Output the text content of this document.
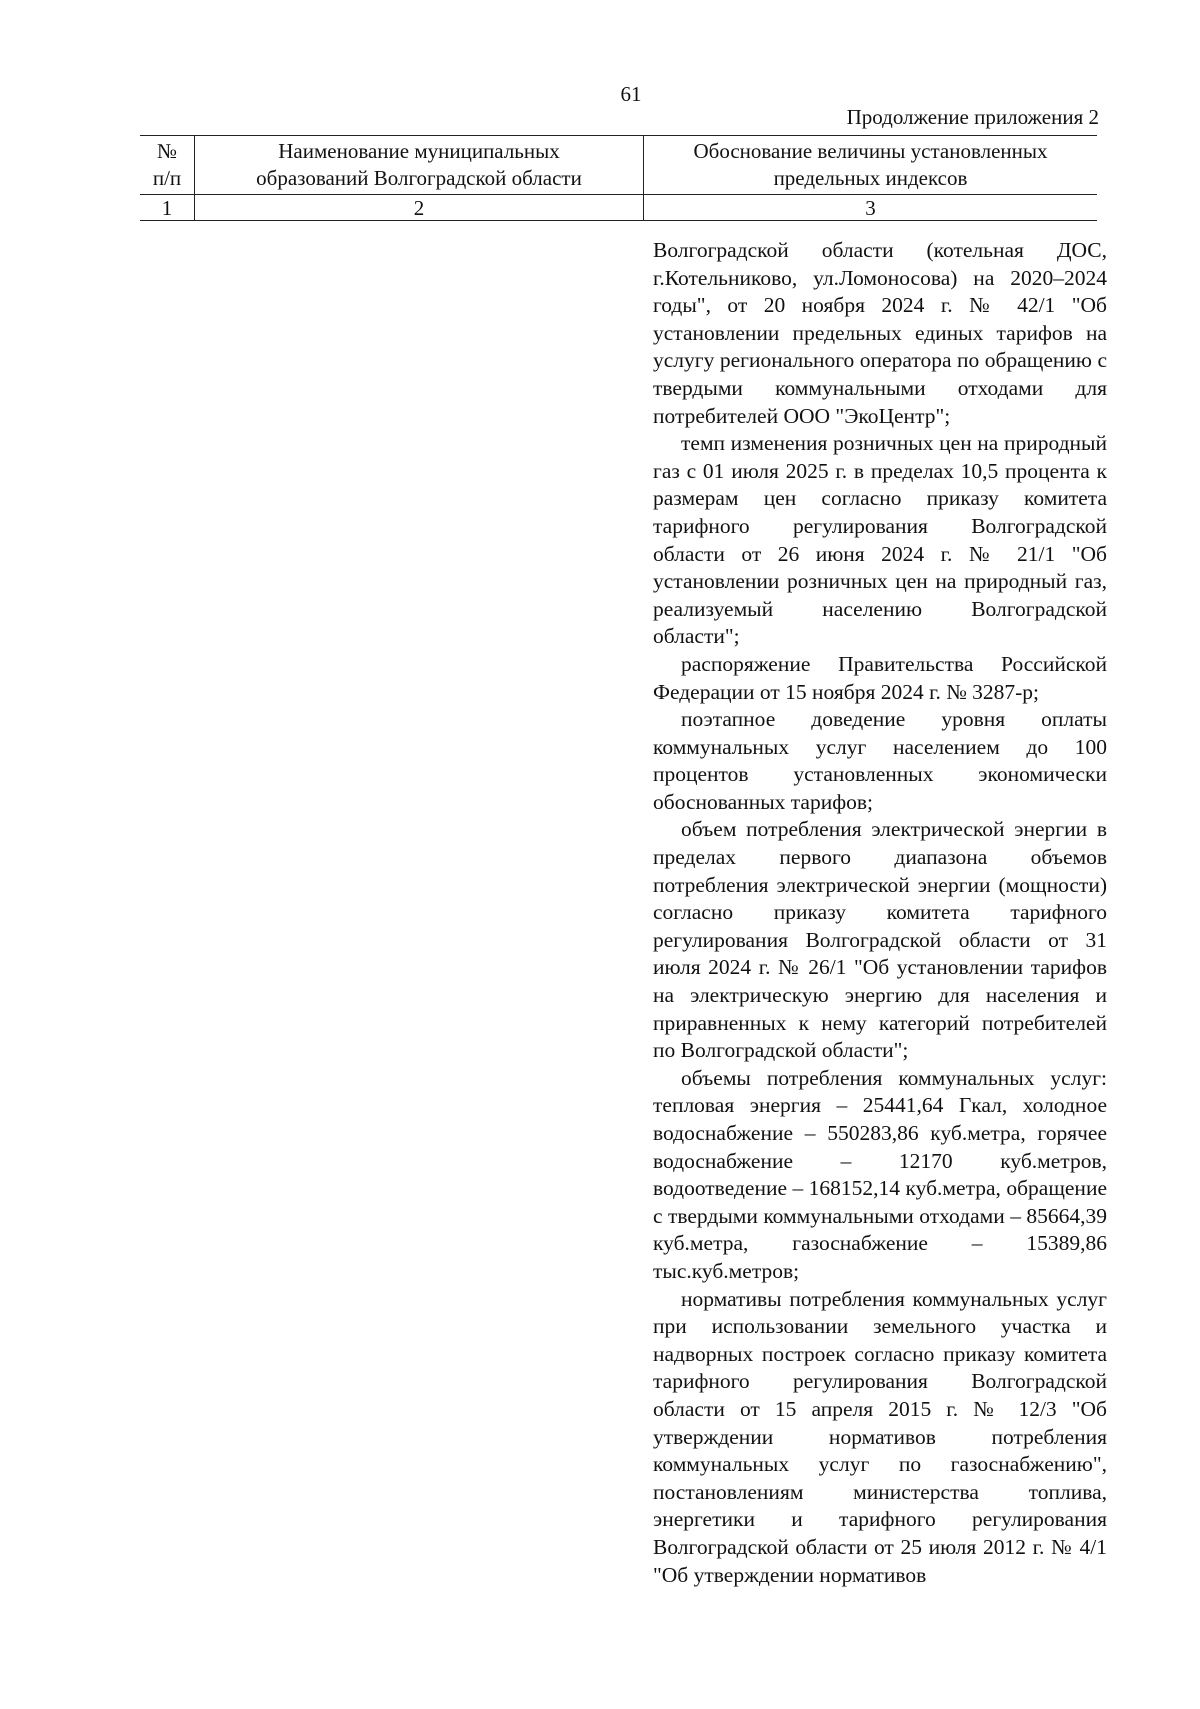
61
Продолжение приложения 2
№
п/п
Наименование муниципальных
образований Волгоградской области
Обоснование величины установленных
предельных индексов
1	2	3

Волгоградской области (котельная ДОС, г.Котельниково, ул.Ломоносова) на 2020–2024 годы", от 20 ноября 2024 г. № 42/1 "Об установлении предельных единых тарифов на услугу регионального оператора по обращению с твердыми коммунальными отходами для потребителей ООО "ЭкоЦентр";

темп изменения розничных цен на природный газ с 01 июля 2025 г. в пределах 10,5 процента к размерам цен согласно приказу комитета тарифного регулирования Волгоградской области от 26 июня 2024 г. № 21/1 "Об установлении розничных цен на природный газ, реализуемый населению Волгоградской области";

распоряжение Правительства Российской Федерации от 15 ноября 2024 г. № 3287-р;

поэтапное доведение уровня оплаты коммунальных услуг населением до 100 процентов установленных экономически обоснованных тарифов;

объем потребления электрической энергии в пределах первого диапазона объемов потребления электрической энергии (мощности) согласно приказу комитета тарифного регулирования Волгоградской области от 31 июля 2024 г. № 26/1 "Об установлении тарифов на электрическую энергию для населения и приравненных к нему категорий потребителей по Волгоградской области";

объемы потребления коммунальных услуг: тепловая энергия – 25441,64 Гкал, холодное водоснабжение – 550283,86 куб.метра, горячее водоснабжение – 12170 куб.метров, водоотведение – 168152,14 куб.метра, обращение с твердыми коммунальными отходами – 85664,39 куб.метра, газоснабжение – 15389,86 тыс.куб.метров;

нормативы потребления коммунальных услуг при использовании земельного участка и надворных построек согласно приказу комитета тарифного регулирования Волгоградской области от 15 апреля 2015 г. № 12/3 "Об утверждении нормативов потребления коммунальных услуг по газоснабжению", постановлениям министерства топлива, энергетики и тарифного регулирования Волгоградской области от 25 июля 2012 г. № 4/1 "Об утверждении нормативов
